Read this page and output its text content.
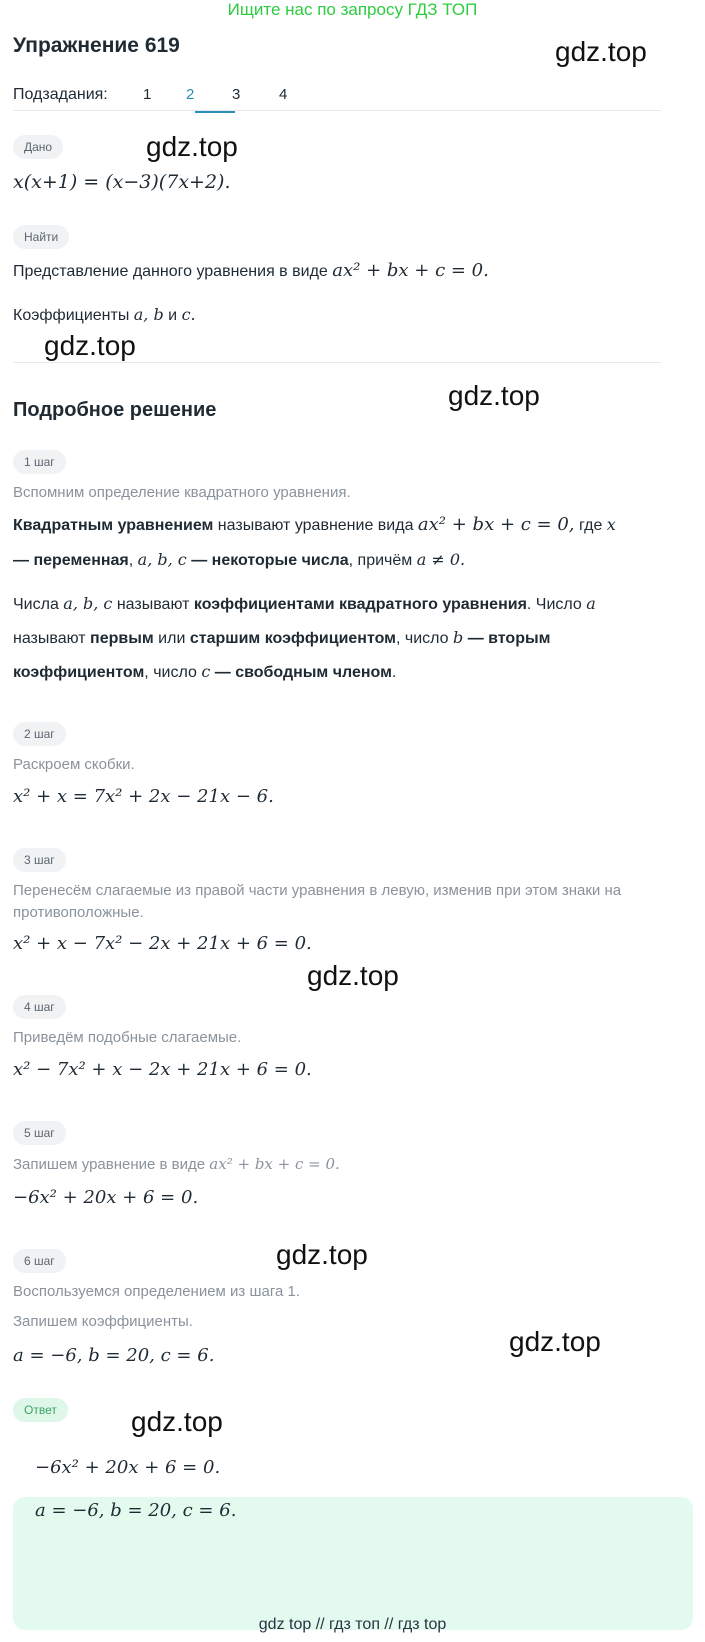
Ищите нас по запросу ГДЗ ТОП
Упражнение 619	gdz.top
Подзадания: 1 2	3	4
Дано	gdz.top
x(x+1) = (x−3)(7x+2).
Найти
Представление данного уравнения в виде ax² + bx + c = 0.
Коэффициенты a, b и c.
gdz.top
Подробное решение	gdz.top
1 шаг
Вспомним определение квадратного уравнения.
Квадратным уравнением называют уравнение вида ax² + bx + c = 0, где x
— переменная, a, b, c — некоторые числа, причём a ≠ 0.
Числа a, b, c называют коэффициентами квадратного уравнения. Число a
называют первым или старшим коэффициентом, число b — вторым
коэффициентом, число c — свободным членом.
2 шаг
Раскроем скобки.
x² + x = 7x² + 2x − 21x − 6.
3 шаг
Перенесём слагаемые из правой части уравнения в левую, изменив при этом знаки на противоположные.
x² + x − 7x² − 2x + 21x + 6 = 0.
gdz.top
4 шаг
Приведём подобные слагаемые.
x² − 7x² + x − 2x + 21x + 6 = 0.
5 шаг
Запишем уравнение в виде ax² + bx + c = 0.
−6x² + 20x + 6 = 0.
6 шаг	gdz.top
Воспользуемся определением из шага 1.
Запишем коэффициенты.
a = −6, b = 20, c = 6.	gdz.top
Ответ	gdz.top
−6x² + 20x + 6 = 0.
a = −6, b = 20, c = 6.
gdz top // гдз топ // гдз top
